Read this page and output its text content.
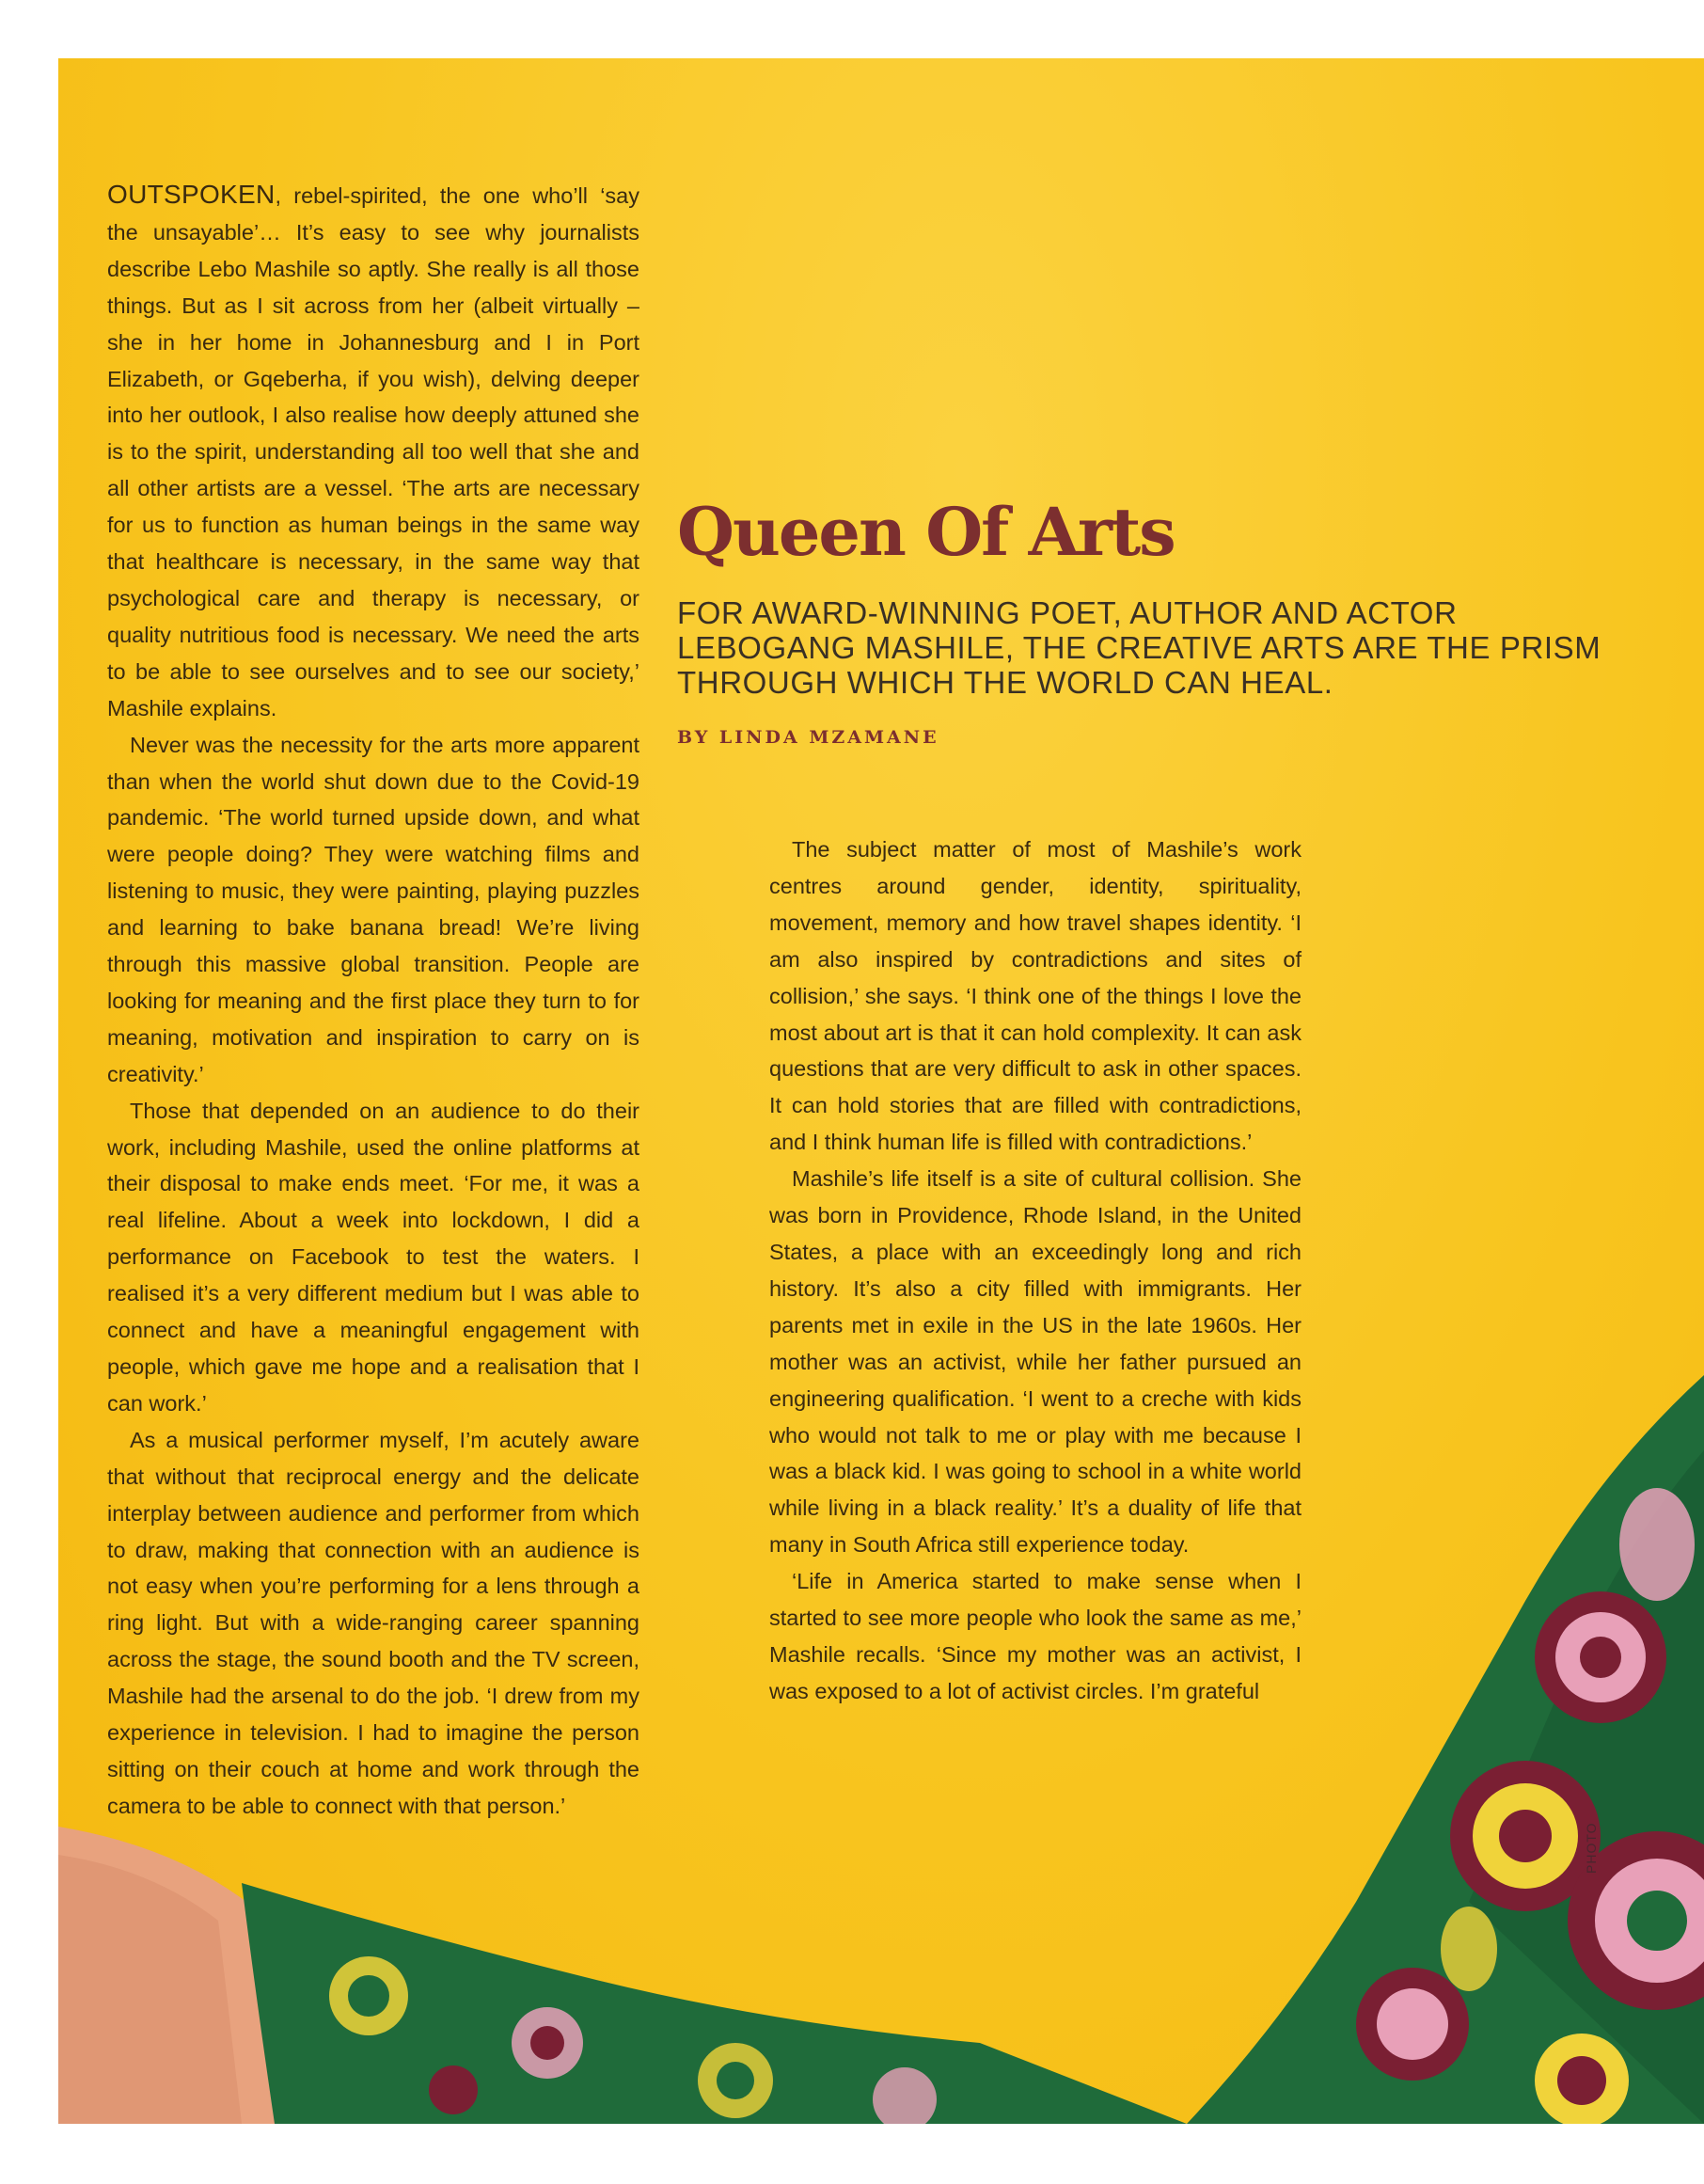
OUTSPOKEN, rebel-spirited, the one who’ll ‘say the unsayable’… It’s easy to see why journalists describe Lebo Mashile so aptly. She really is all those things. But as I sit across from her (albeit virtually – she in her home in Johannesburg and I in Port Elizabeth, or Gqeberha, if you wish), delving deeper into her outlook, I also realise how deeply attuned she is to the spirit, understanding all too well that she and all other artists are a vessel. ‘The arts are necessary for us to function as human beings in the same way that healthcare is necessary, in the same way that psychological care and therapy is necessary, or quality nutritious food is necessary. We need the arts to be able to see ourselves and to see our society,’ Mashile explains.

Never was the necessity for the arts more apparent than when the world shut down due to the Covid-19 pandemic. ‘The world turned upside down, and what were people doing? They were watching films and listening to music, they were painting, playing puzzles and learning to bake banana bread! We’re living through this massive global transition. People are looking for meaning and the first place they turn to for meaning, motivation and inspiration to carry on is creativity.’

Those that depended on an audience to do their work, including Mashile, used the online platforms at their disposal to make ends meet. ‘For me, it was a real lifeline. About a week into lockdown, I did a performance on Facebook to test the waters. I realised it’s a very different medium but I was able to connect and have a meaningful engagement with people, which gave me hope and a realisation that I can work.’

As a musical performer myself, I’m acutely aware that without that reciprocal energy and the delicate interplay between audience and performer from which to draw, making that connection with an audience is not easy when you’re performing for a lens through a ring light. But with a wide-ranging career spanning across the stage, the sound booth and the TV screen, Mashile had the arsenal to do the job. ‘I drew from my experience in television. I had to imagine the person sitting on their couch at home and work through the camera to be able to connect with that person.’

Queen Of Arts

FOR AWARD-WINNING POET, AUTHOR AND ACTOR LEBOGANG MASHILE, THE CREATIVE ARTS ARE THE PRISM THROUGH WHICH THE WORLD CAN HEAL.

BY LINDA MZAMANE

The subject matter of most of Mashile’s work centres around gender, identity, spirituality, movement, memory and how travel shapes identity. ‘I am also inspired by contradictions and sites of collision,’ she says. ‘I think one of the things I love the most about art is that it can hold complexity. It can ask questions that are very difficult to ask in other spaces. It can hold stories that are filled with contradictions, and I think human life is filled with contradictions.’

Mashile’s life itself is a site of cultural collision. She was born in Providence, Rhode Island, in the United States, a place with an exceedingly long and rich history. It’s also a city filled with immigrants. Her parents met in exile in the US in the late 1960s. Her mother was an activist, while her father pursued an engineering qualification. ‘I went to a creche with kids who would not talk to me or play with me because I was a black kid. I was going to school in a white world while living in a black reality.’ It’s a duality of life that many in South Africa still experience today.

‘Life in America started to make sense when I started to see more people who look the same as me,’ Mashile recalls. ‘Since my mother was an activist, I was exposed to a lot of activist circles. I’m grateful

PHOTO
